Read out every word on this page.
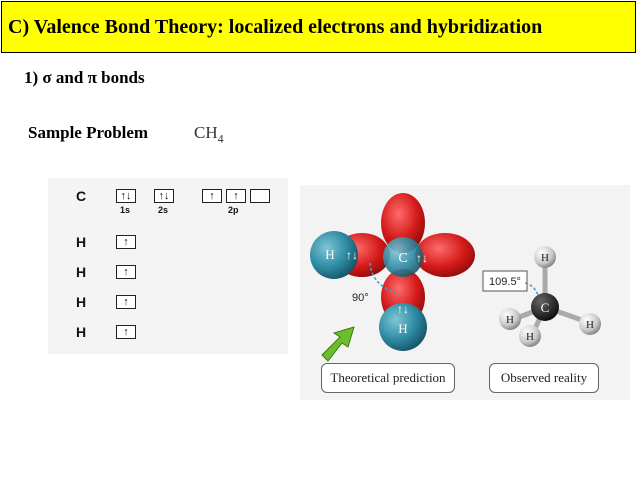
C) Valence Bond Theory: localized electrons and hybridization
1) σ and π bonds
Sample Problem	$CH_4$
C	↑↓	↑↓	↑	↑
1s	2s	2p
H	↑
H	↑
H	↑
H	↑
C ↑↓
H ↑↓
H
↑↓
90°
C
H
H	H
H
109.5°
Theoretical prediction	Observed reality
